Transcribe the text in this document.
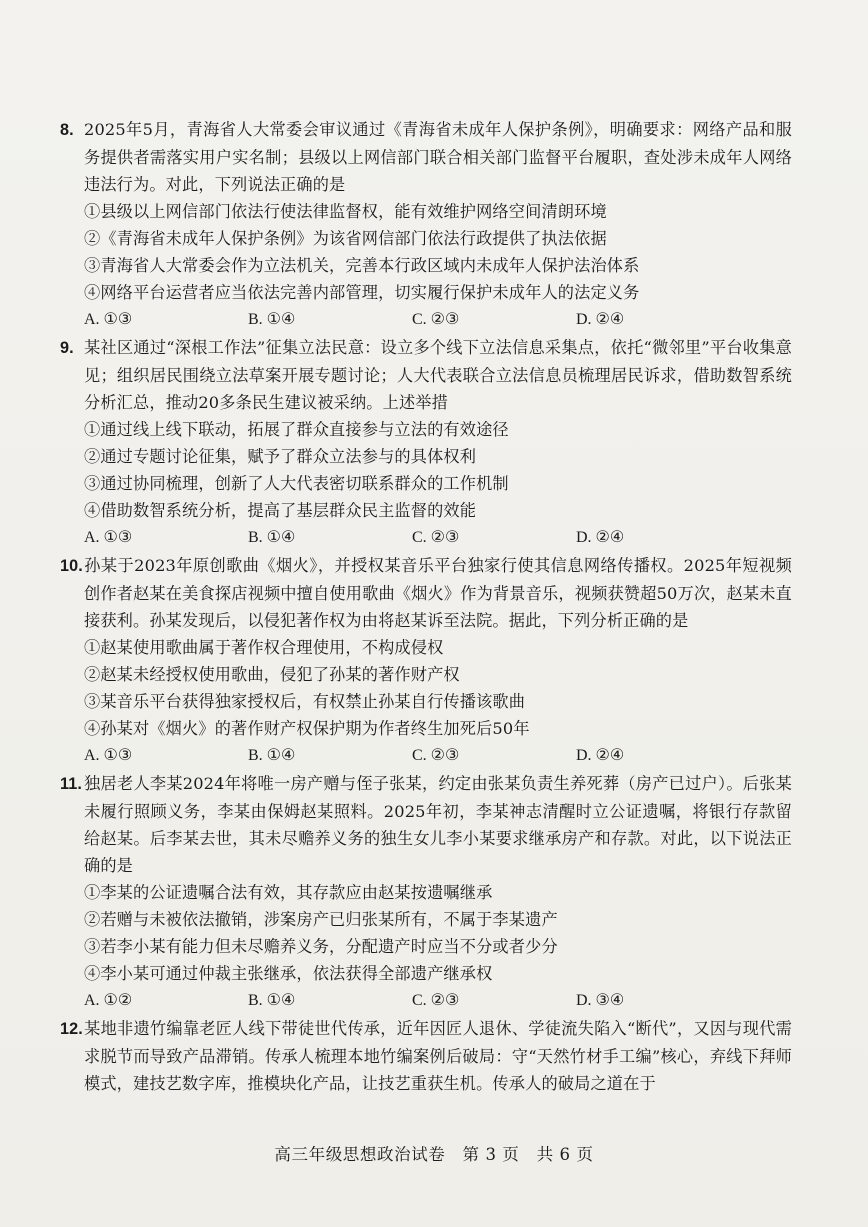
8. 2025年5月，青海省人大常委会审议通过《青海省未成年人保护条例》，明确要求：网络产品和服务提供者需落实用户实名制；县级以上网信部门联合相关部门监督平台履职，查处涉未成年人网络违法行为。对此，下列说法正确的是
①县级以上网信部门依法行使法律监督权，能有效维护网络空间清朗环境
②《青海省未成年人保护条例》为该省网信部门依法行政提供了执法依据
③青海省人大常委会作为立法机关，完善本行政区域内未成年人保护法治体系
④网络平台运营者应当依法完善内部管理，切实履行保护未成年人的法定义务
A. ①③	B. ①④	C. ②③	D. ②④
9. 某社区通过“深根工作法”征集立法民意：设立多个线下立法信息采集点，依托“微邻里”平台收集意见；组织居民围绕立法草案开展专题讨论；人大代表联合立法信息员梳理居民诉求，借助数智系统分析汇总，推动20多条民生建议被采纳。上述举措
①通过线上线下联动，拓展了群众直接参与立法的有效途径
②通过专题讨论征集，赋予了群众立法参与的具体权利
③通过协同梳理，创新了人大代表密切联系群众的工作机制
④借助数智系统分析，提高了基层群众民主监督的效能
A. ①③	B. ①④	C. ②③	D. ②④
10.孙某于2023年原创歌曲《烟火》，并授权某音乐平台独家行使其信息网络传播权。2025年短视频创作者赵某在美食探店视频中擅自使用歌曲《烟火》作为背景音乐，视频获赞超50万次，赵某未直接获利。孙某发现后，以侵犯著作权为由将赵某诉至法院。据此，下列分析正确的是
①赵某使用歌曲属于著作权合理使用，不构成侵权
②赵某未经授权使用歌曲，侵犯了孙某的著作财产权
③某音乐平台获得独家授权后，有权禁止孙某自行传播该歌曲
④孙某对《烟火》的著作财产权保护期为作者终生加死后50年
A. ①③	B. ①④	C. ②③	D. ②④
11. 独居老人李某2024年将唯一房产赠与侄子张某，约定由张某负责生养死葬（房产已过户）。后张某未履行照顾义务，李某由保姆赵某照料。2025年初，李某神志清醒时立公证遗嘱，将银行存款留给赵某。后李某去世，其未尽赡养义务的独生女儿李小某要求继承房产和存款。对此，以下说法正确的是
①李某的公证遗嘱合法有效，其存款应由赵某按遗嘱继承
②若赠与未被依法撤销，涉案房产已归张某所有，不属于李某遗产
③若李小某有能力但未尽赡养义务，分配遗产时应当不分或者少分
④李小某可通过仲裁主张继承，依法获得全部遗产继承权
A. ①②	B. ①④	C. ②③	D. ③④
12.某地非遗竹编靠老匠人线下带徒世代传承，近年因匠人退休、学徒流失陷入“断代”，又因与现代需求脱节而导致产品滞销。传承人梳理本地竹编案例后破局：守“天然竹材手工编”核心，弃线下拜师模式，建技艺数字库，推模块化产品，让技艺重获生机。传承人的破局之道在于
高三年级思想政治试卷　第 3 页　共 6 页
